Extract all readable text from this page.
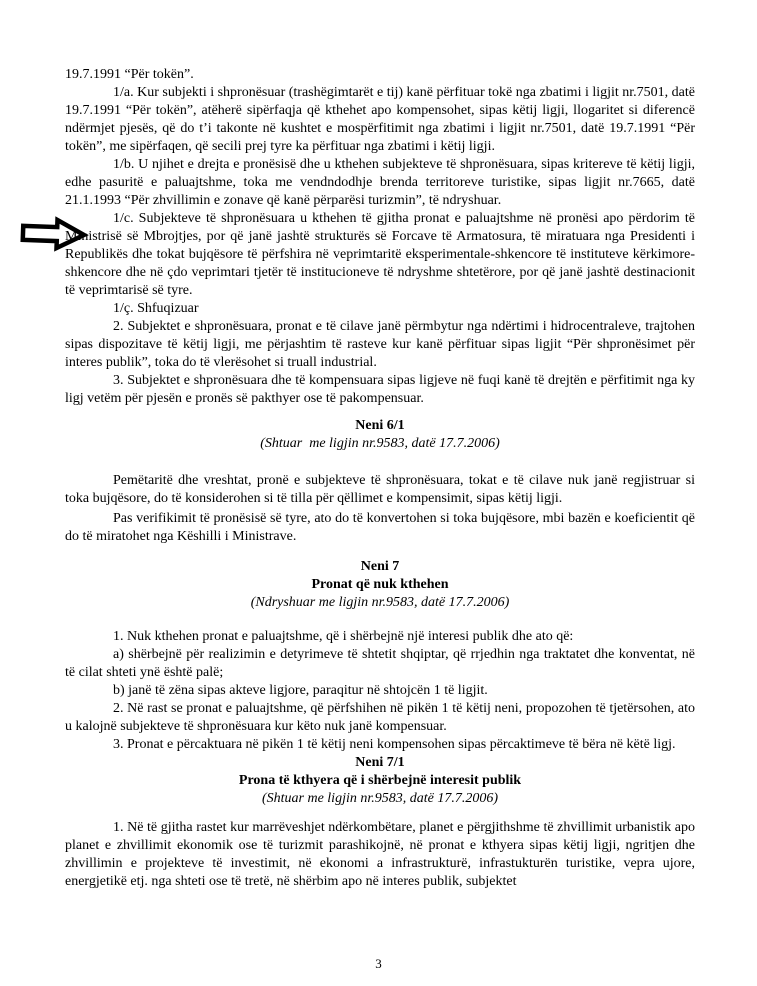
19.7.1991 “Për tokën”.

1/a. Kur subjekti i shpronësuar (trashëgimtarët e tij) kanë përfituar tokë nga zbatimi i ligjit nr.7501, datë 19.7.1991 “Për tokën”, atëherë sipërfaqja që kthehet apo kompensohet, sipas këtij ligji, llogaritet si diferencë ndërmjet pjesës, që do t’i takonte në kushtet e mospërfitimit nga zbatimi i ligjit nr.7501, datë 19.7.1991 “Për tokën”, me sipërfaqen, që secili prej tyre ka përfituar nga zbatimi i këtij ligji.

1/b. U njihet e drejta e pronësisë dhe u kthehen subjekteve të shpronësuara, sipas kritereve të këtij ligji, edhe pasuritë e paluajtshme, toka me vendndodhje brenda territoreve turistike, sipas ligjit nr.7665, datë 21.1.1993 “Për zhvillimin e zonave që kanë përparësi turizmin”, të ndryshuar.

1/c. Subjekteve të shpronësuara u kthehen të gjitha pronat e paluajtshme në pronësi apo përdorim të Ministrisë së Mbrojtjes, por që janë jashtë strukturës së Forcave të Armatosura, të miratuara nga Presidenti i Republikës dhe tokat bujqësore të përfshira në veprimtaritë eksperimentale-shkencore të instituteve kërkimore-shkencore dhe në çdo veprimtari tjetër të institucioneve të ndryshme shtetërore, por që janë jashtë destinacionit të veprimtarisë së tyre.

1/ç. Shfuqizuar

2. Subjektet e shpronësuara, pronat e të cilave janë përmbytur nga ndërtimi i hidrocentraleve, trajtohen sipas dispozitave të këtij ligji, me përjashtim të rasteve kur kanë përfituar sipas ligjit “Për shpronësimet për interes publik”, toka do të vlerësohet si truall industrial.

3. Subjektet e shpronësuara dhe të kompensuara sipas ligjeve në fuqi kanë të drejtën e përfitimit nga ky ligj vetëm për pjesën e pronës së pakthyer ose të pakompensuar.

Neni 6/1

(Shtuar  me ligjin nr.9583, datë 17.7.2006)

Pemëtaritë dhe vreshtat, pronë e subjekteve të shpronësuara, tokat e të cilave nuk janë regjistruar si toka bujqësore, do të konsiderohen si të tilla për qëllimet e kompensimit, sipas këtij ligji.

Pas verifikimit të pronësisë së tyre, ato do të konvertohen si toka bujqësore, mbi bazën e koeficientit që do të miratohet nga Këshilli i Ministrave.

Neni 7

Pronat që nuk kthehen

(Ndryshuar me ligjin nr.9583, datë 17.7.2006)

1. Nuk kthehen pronat e paluajtshme, që i shërbejnë një interesi publik dhe ato që:

a) shërbejnë për realizimin e detyrimeve të shtetit shqiptar, që rrjedhin nga traktatet dhe konventat, në të cilat shteti ynë është palë;

b) janë të zëna sipas akteve ligjore, paraqitur në shtojcën 1 të ligjit.

2. Në rast se pronat e paluajtshme, që përfshihen në pikën 1 të këtij neni, propozohen të tjetërsohen, ato u kalojnë subjekteve të shpronësuara kur këto nuk janë kompensuar.

3. Pronat e përcaktuara në pikën 1 të këtij neni kompensohen sipas përcaktimeve të bëra në këtë ligj.

Neni 7/1

Prona të kthyera që i shërbejnë interesit publik

(Shtuar me ligjin nr.9583, datë 17.7.2006)

1. Në të gjitha rastet kur marrëveshjet ndërkombëtare, planet e përgjithshme të zhvillimit urbanistik apo planet e zhvillimit ekonomik ose të turizmit parashikojnë, në pronat e kthyera sipas këtij ligji, ngritjen dhe zhvillimin e projekteve të investimit, në ekonomi a infrastrukturë, infrastukturën turistike, vepra ujore, energjetikë etj. nga shteti ose të tretë, në shërbim apo në interes publik, subjektet

3
